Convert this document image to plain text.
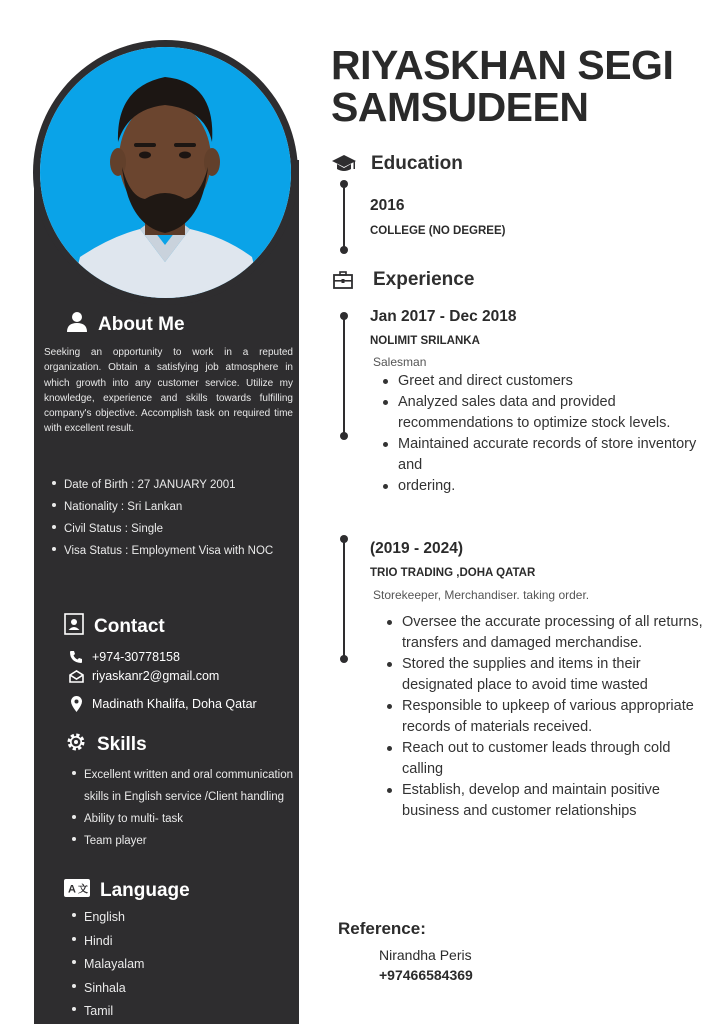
About Me

Seeking an opportunity to work in a reputed organization. Obtain a satisfying job atmosphere in which growth into any customer service. Utilize my knowledge, experience and skills towards fulfilling company's objective. Accomplish task on required time with excellent result.

Date of Birth : 27 JANUARY 2001
Nationality : Sri Lankan
Civil Status : Single
Visa Status : Employment Visa with NOC
Contact
+974-30778158
riyaskanr2@gmail.com
Madinath Khalifa, Doha Qatar
Skills
Excellent written and oral communication skills in English service /Client handling
Ability to multi- task
Team player
A 文 Language
English
Hindi
Malayalam
Sinhala
Tamil
RIYASKHAN SEGI
SAMSUDEEN
Education
2016
COLLEGE (NO DEGREE)
Experience
Jan 2017 - Dec 2018
NOLIMIT SRILANKA
Salesman
Greet and direct customers
Analyzed sales data and provided recommendations to optimize stock levels.
Maintained accurate records of store inventory and
ordering.
(2019 - 2024)
TRIO TRADING ,DOHA QATAR
Storekeeper, Merchandiser. taking order.
Oversee the accurate processing of all returns, transfers and damaged merchandise.
Stored the supplies and items in their designated place to avoid time wasted
Responsible to upkeep of various appropriate records of materials received.
Reach out to customer leads through cold calling
Establish, develop and maintain positive business and customer relationships
Reference:
Nirandha Peris
+97466584369
